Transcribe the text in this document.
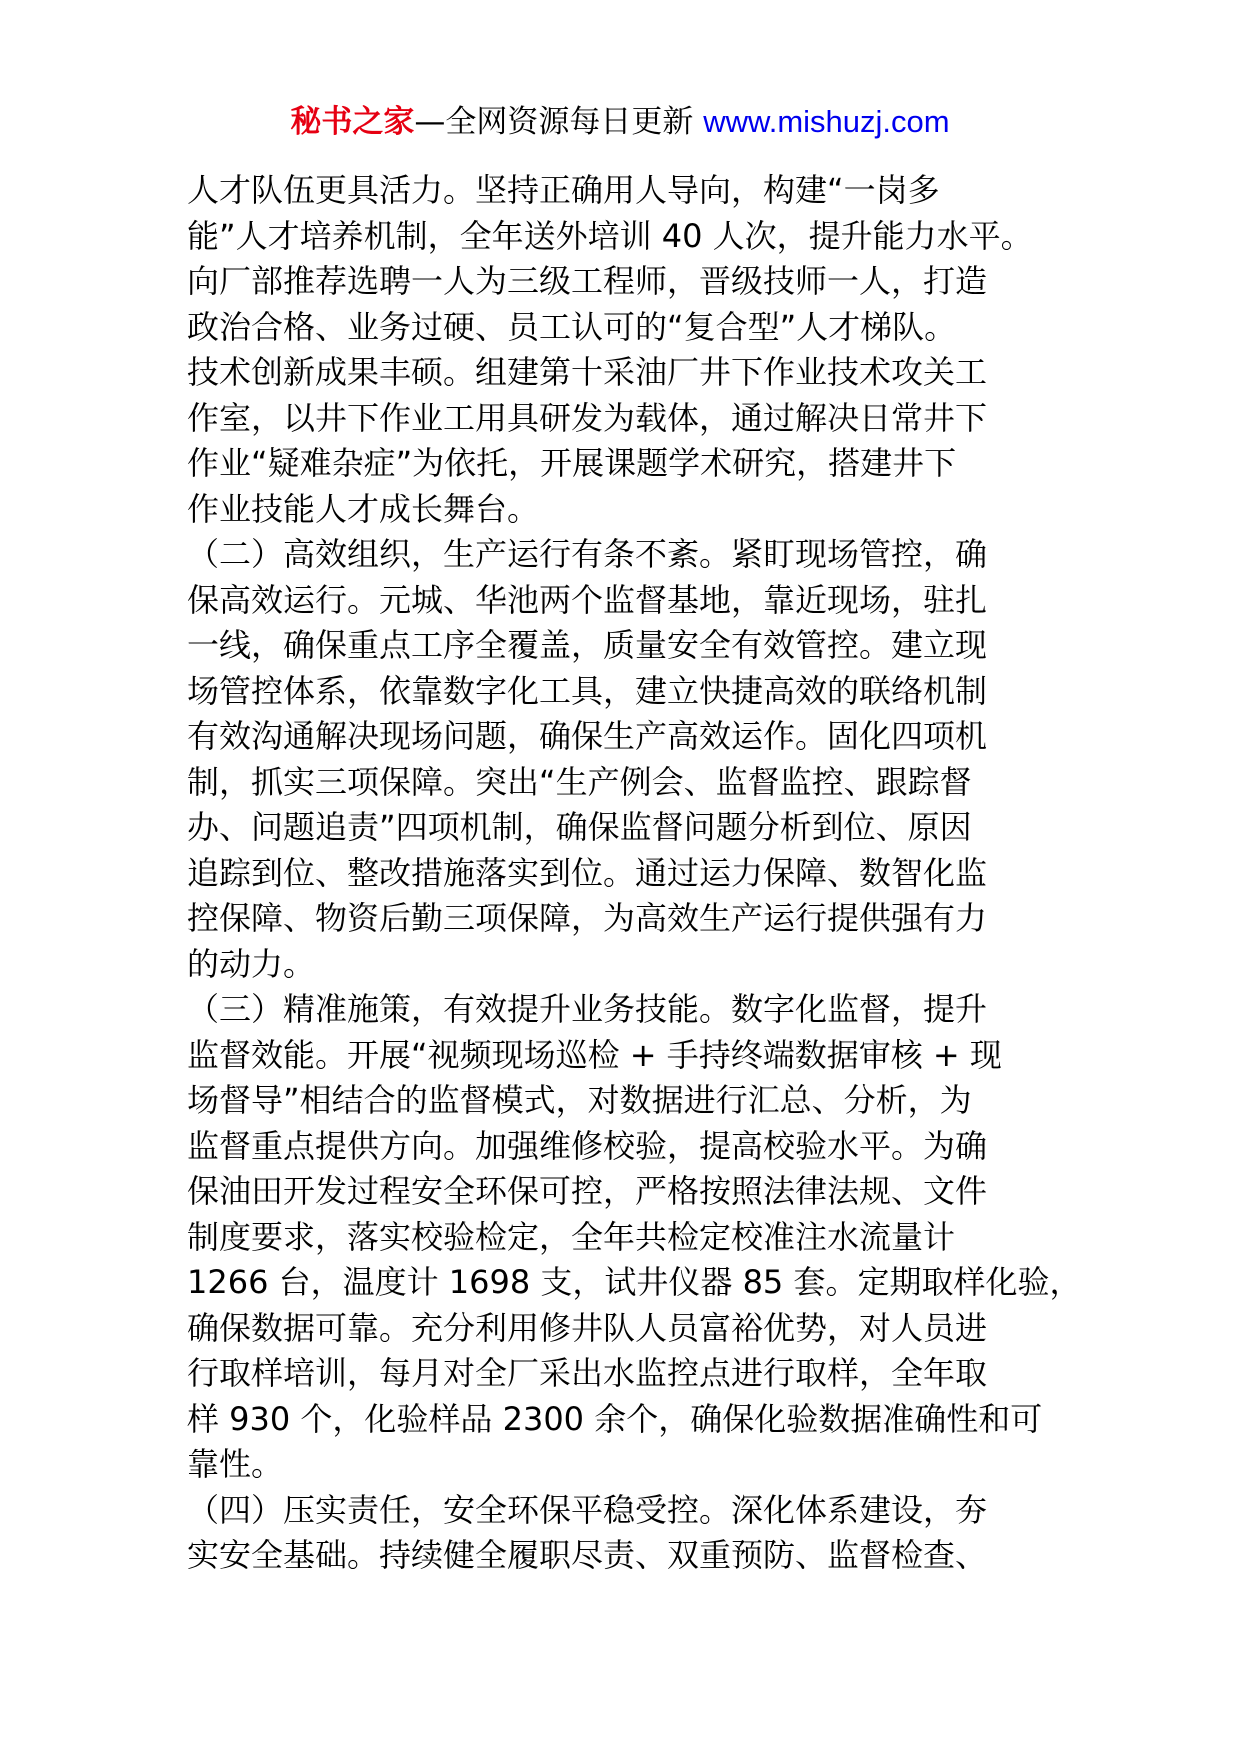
秘书之家—全网资源每日更新 www.mishuzj.com
人才队伍更具活力。坚持正确用人导向，构建“一岗多
能”人才培养机制，全年送外培训 40 人次，提升能力水平。
向厂部推荐选聘一人为三级工程师，晋级技师一人，打造
政治合格、业务过硬、员工认可的“复合型”人才梯队。
技术创新成果丰硕。组建第十采油厂井下作业技术攻关工
作室，以井下作业工用具研发为载体，通过解决日常井下
作业“疑难杂症”为依托，开展课题学术研究，搭建井下
作业技能人才成长舞台。
（二）高效组织，生产运行有条不紊。紧盯现场管控，确
保高效运行。元城、华池两个监督基地，靠近现场，驻扎
一线，确保重点工序全覆盖，质量安全有效管控。建立现
场管控体系，依靠数字化工具，建立快捷高效的联络机制
有效沟通解决现场问题，确保生产高效运作。固化四项机
制，抓实三项保障。突出“生产例会、监督监控、跟踪督
办、问题追责”四项机制，确保监督问题分析到位、原因
追踪到位、整改措施落实到位。通过运力保障、数智化监
控保障、物资后勤三项保障，为高效生产运行提供强有力
的动力。
（三）精准施策，有效提升业务技能。数字化监督，提升
监督效能。开展“视频现场巡检 + 手持终端数据审核 + 现
场督导”相结合的监督模式，对数据进行汇总、分析，为
监督重点提供方向。加强维修校验，提高校验水平。为确
保油田开发过程安全环保可控，严格按照法律法规、文件
制度要求，落实校验检定，全年共检定校准注水流量计
1266 台，温度计 1698 支，试井仪器 85 套。定期取样化验，
确保数据可靠。充分利用修井队人员富裕优势，对人员进
行取样培训，每月对全厂采出水监控点进行取样，全年取
样 930 个，化验样品 2300 余个，确保化验数据准确性和可
靠性。
（四）压实责任，安全环保平稳受控。深化体系建设，夯
实安全基础。持续健全履职尽责、双重预防、监督检查、
